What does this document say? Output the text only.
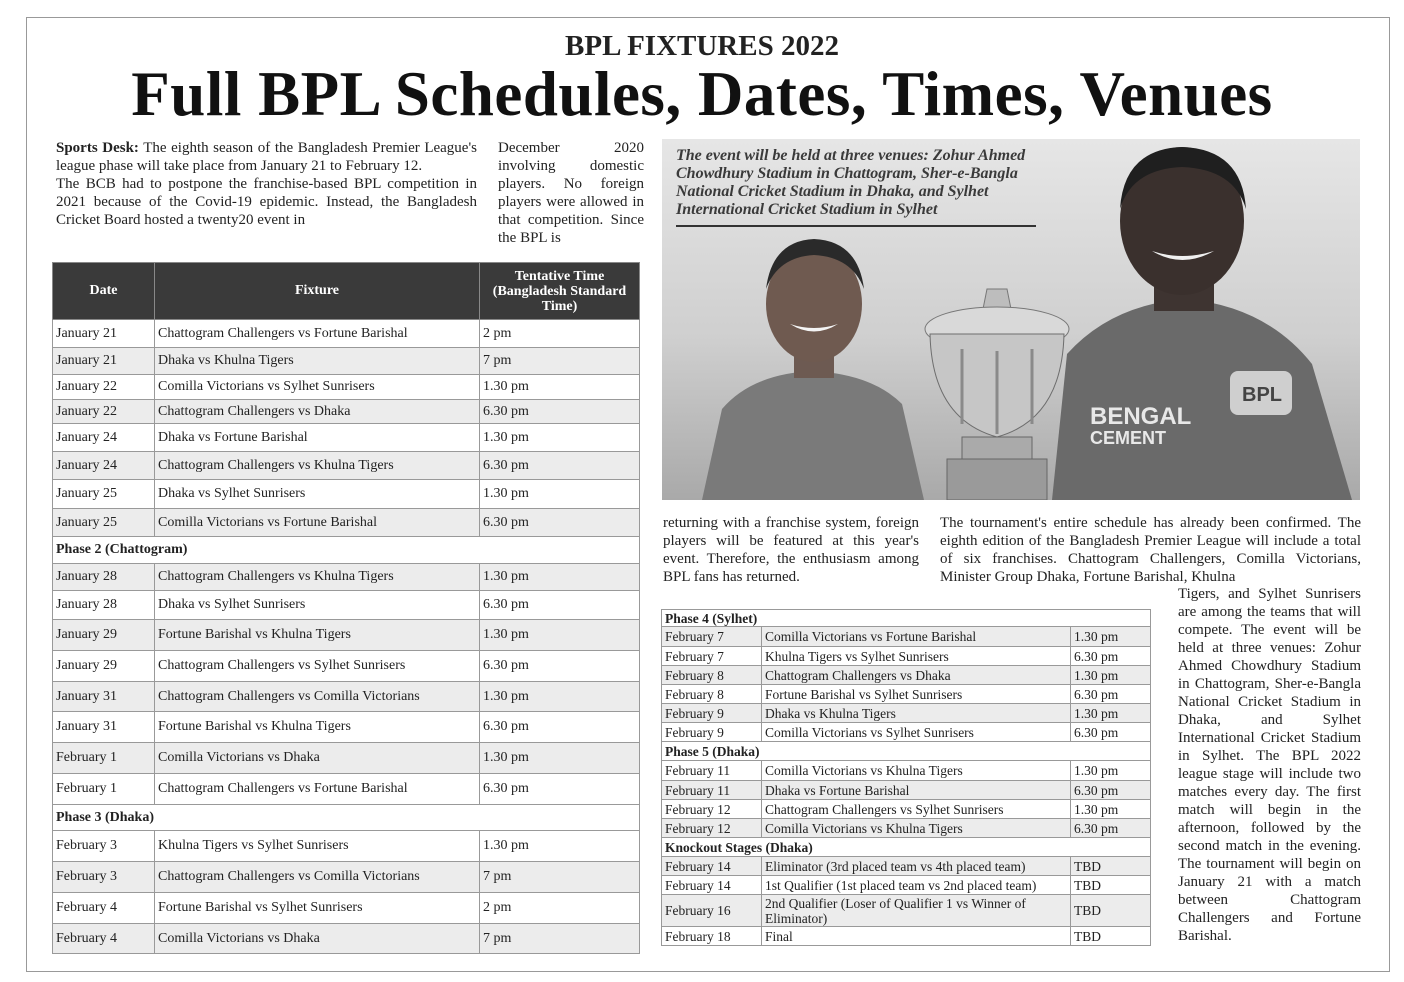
BPL FIXTURES 2022
Full BPL Schedules, Dates, Times, Venues
Sports Desk: The eighth season of the Bangladesh Premier League's league phase will take place from January 21 to February 12.
The BCB had to postpone the franchise-based BPL competition in 2021 because of the Covid-19 epidemic. Instead, the Bangladesh Cricket Board hosted a twenty20 event in
December 2020 involving domestic players. No foreign players were allowed in that competition. Since the BPL is
BENGAL
CEMENT
BPL
The event will be held at three venues: Zohur Ahmed Chowdhury Stadium in Chattogram, Sher-e-Bangla National Cricket Stadium in Dhaka, and Sylhet International Cricket Stadium in Sylhet
Date	Fixture	Tentative Time (Bangladesh Standard Time)
January 21	Chattogram Challengers vs Fortune Barishal	2 pm
January 21	Dhaka vs Khulna Tigers	7 pm
January 22	Comilla Victorians vs Sylhet Sunrisers	1.30 pm
January 22	Chattogram Challengers vs Dhaka	6.30 pm
January 24	Dhaka vs Fortune Barishal	1.30 pm
January 24	Chattogram Challengers vs Khulna Tigers	6.30 pm
January 25	Dhaka vs Sylhet Sunrisers	1.30 pm
January 25	Comilla Victorians vs Fortune Barishal	6.30 pm
Phase 2 (Chattogram)		
January 28	Chattogram Challengers vs Khulna Tigers	1.30 pm
January 28	Dhaka vs Sylhet Sunrisers	6.30 pm
January 29	Fortune Barishal vs Khulna Tigers	1.30 pm
January 29	Chattogram Challengers vs Sylhet Sunrisers	6.30 pm
January 31	Chattogram Challengers vs Comilla Victorians	1.30 pm
January 31	Fortune Barishal vs Khulna Tigers	6.30 pm
February 1	Comilla Victorians vs Dhaka	1.30 pm
February 1	Chattogram Challengers vs Fortune Barishal	6.30 pm
Phase 3 (Dhaka)		
February 3	Khulna Tigers vs Sylhet Sunrisers	1.30 pm
February 3	Chattogram Challengers vs Comilla Victorians	7 pm
February 4	Fortune Barishal vs Sylhet Sunrisers	2 pm
February 4	Comilla Victorians vs Dhaka	7 pm
Phase 4 (Sylhet)		
February 7	Comilla Victorians vs Fortune Barishal	1.30 pm
February 7	Khulna Tigers vs Sylhet Sunrisers	6.30 pm
February 8	Chattogram Challengers vs Dhaka	1.30 pm
February 8	Fortune Barishal vs Sylhet Sunrisers	6.30 pm
February 9	Dhaka vs Khulna Tigers	1.30 pm
February 9	Comilla Victorians vs Sylhet Sunrisers	6.30 pm
Phase 5 (Dhaka)		
February 11	Comilla Victorians vs Khulna Tigers	1.30 pm
February 11	Dhaka vs Fortune Barishal	6.30 pm
February 12	Chattogram Challengers vs Sylhet Sunrisers	1.30 pm
February 12	Comilla Victorians vs Khulna Tigers	6.30 pm
Knockout Stages (Dhaka)		
February 14	Eliminator (3rd placed team vs 4th placed team)	TBD
February 14	1st Qualifier (1st placed team vs 2nd placed team)	TBD
February 16	2nd Qualifier (Loser of Qualifier 1 vs Winner of Eliminator)	TBD
February 18	Final	TBD
returning with a franchise system, foreign players will be featured at this year's event. Therefore, the enthusiasm among BPL fans has returned.
The tournament's entire schedule has already been confirmed. The eighth edition of the Bangladesh Premier League will include a total of six franchises. Chattogram Challengers, Comilla Victorians, Minister Group Dhaka, Fortune Barishal, Khulna
Tigers, and Sylhet Sunrisers are among the teams that will compete. The event will be held at three venues: Zohur Ahmed Chowdhury Stadium in Chattogram, Sher-e-Bangla National Cricket Stadium in Dhaka, and Sylhet International Cricket Stadium in Sylhet. The BPL 2022 league stage will include two matches every day. The first match will begin in the afternoon, followed by the second match in the evening. The tournament will begin on January 21 with a match between Chattogram Challengers and Fortune Barishal.
